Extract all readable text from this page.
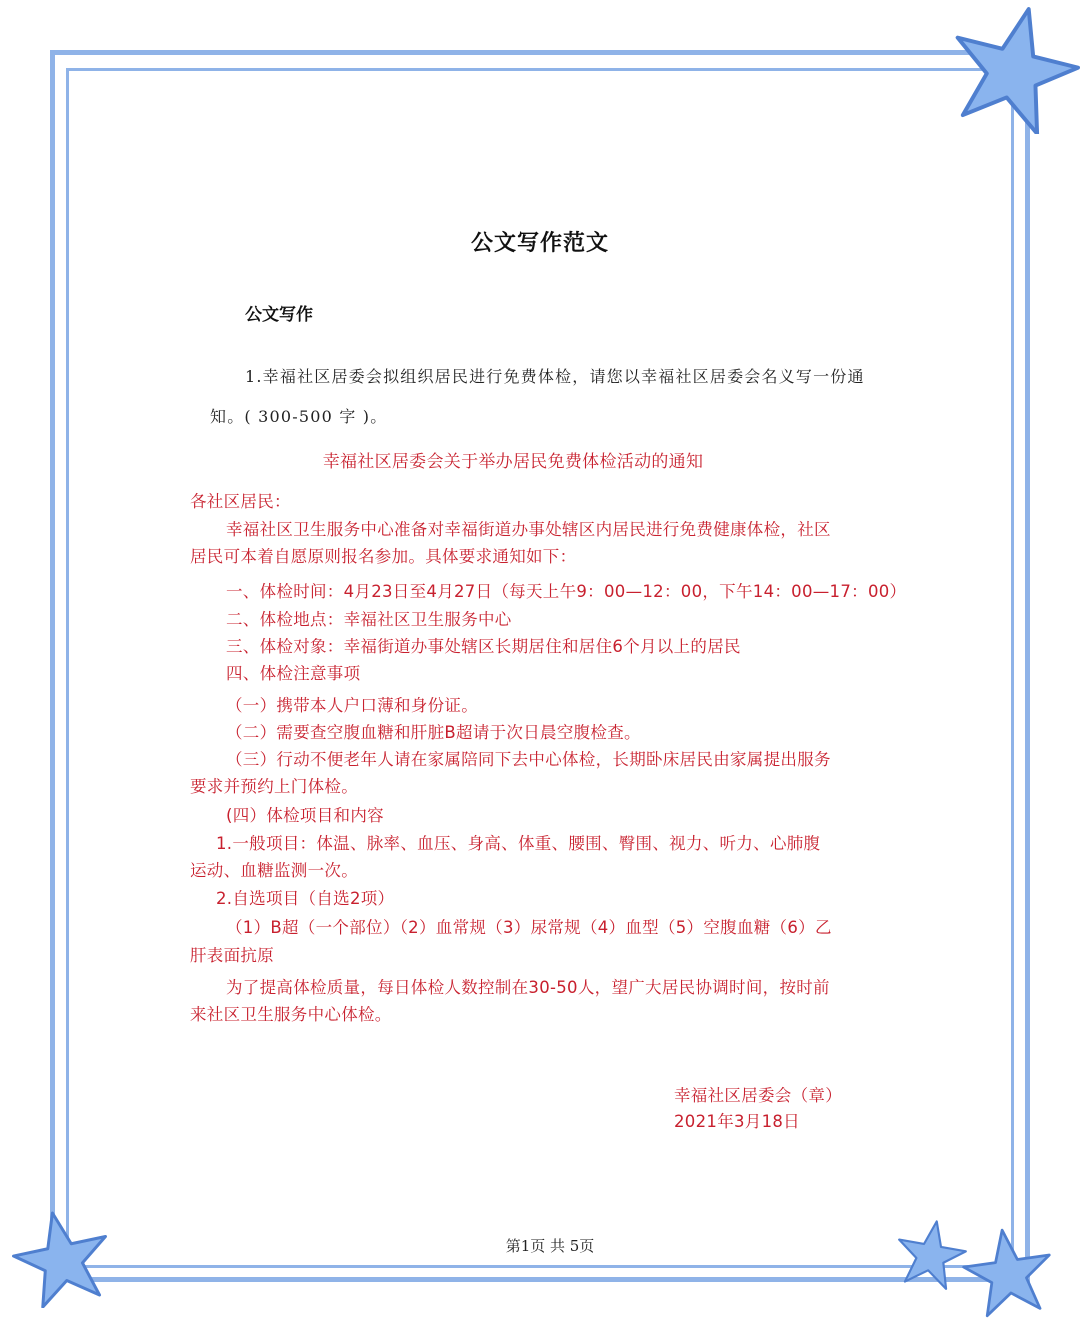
公文写作范文
公文写作
1.幸福社区居委会拟组织居民进行免费体检，请您以幸福社区居委会名义写一份通
知。( 300-500 字 )。
幸福社区居委会关于举办居民免费体检活动的通知
各社区居民：
幸福社区卫生服务中心准备对幸福街道办事处辖区内居民进行免费健康体检，社区
居民可本着自愿原则报名参加。具体要求通知如下：
一、体检时间：4月23日至4月27日（每天上午9：00—12：00，下午14：00—17：00）
二、体检地点：幸福社区卫生服务中心
三、体检对象：幸福街道办事处辖区长期居住和居住6个月以上的居民
四、体检注意事项
（一）携带本人户口薄和身份证。
（二）需要查空腹血糖和肝脏B超请于次日晨空腹检查。
（三）行动不便老年人请在家属陪同下去中心体检，长期卧床居民由家属提出服务
要求并预约上门体检。
(四）体检项目和内容
1.一般项目：体温、脉率、血压、身高、体重、腰围、臀围、视力、听力、心肺腹
运动、血糖监测一次。
2.自选项目（自选2项）
（1）B超（一个部位）（2）血常规（3）尿常规（4）血型（5）空腹血糖（6）乙
肝表面抗原
为了提高体检质量，每日体检人数控制在30-50人，望广大居民协调时间，按时前
来社区卫生服务中心体检。
幸福社区居委会（章）
2021年3月18日
第1页 共 5页
